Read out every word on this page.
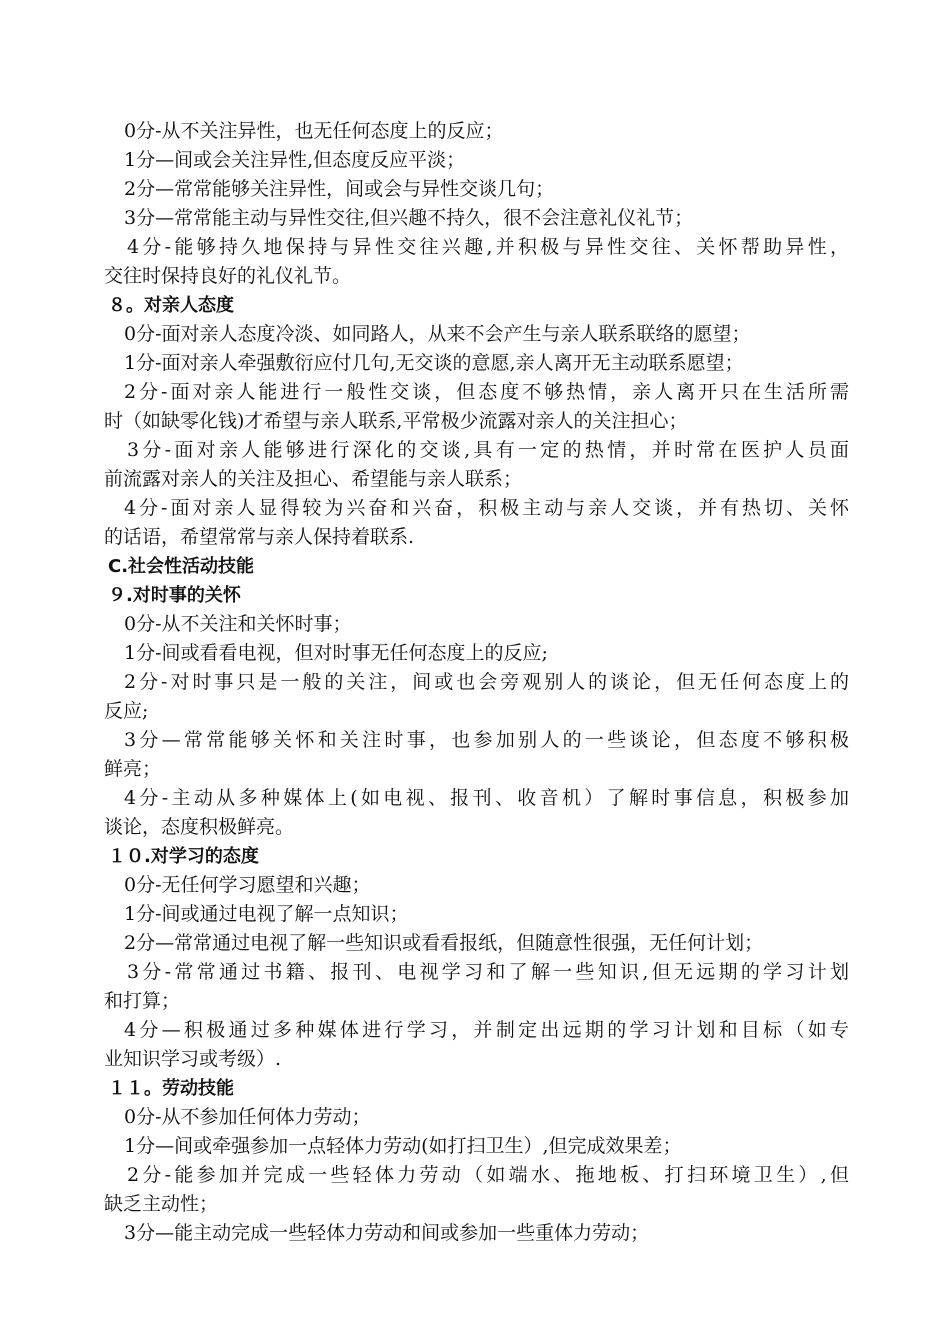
0分-从不关注异性，也无任何态度上的反应；
1分—间或会关注异性,但态度反应平淡；
2分—常常能够关注异性，间或会与异性交谈几句；
3分—常常能主动与异性交往,但兴趣不持久，很不会注意礼仪礼节；
4分-能够持久地保持与异性交往兴趣,并积极与异性交往、关怀帮助异性，
交往时保持良好的礼仪礼节。
８。对亲人态度
0分-面对亲人态度冷淡、如同路人，从来不会产生与亲人联系联络的愿望；
1分-面对亲人牵强敷衍应付几句,无交谈的意愿,亲人离开无主动联系愿望；
2分-面对亲人能进行一般性交谈，但态度不够热情，亲人离开只在生活所需
时（如缺零化钱)才希望与亲人联系,平常极少流露对亲人的关注担心；
3分-面对亲人能够进行深化的交谈,具有一定的热情，并时常在医护人员面
前流露对亲人的关注及担心、希望能与亲人联系；
4分-面对亲人显得较为兴奋和兴奋，积极主动与亲人交谈，并有热切、关怀
的话语，希望常常与亲人保持着联系.
C.社会性活动技能
９.对时事的关怀
0分-从不关注和关怀时事；
1分-间或看看电视，但对时事无任何态度上的反应;
2分-对时事只是一般的关注，间或也会旁观别人的谈论，但无任何态度上的
反应;
3分—常常能够关怀和关注时事，也参加别人的一些谈论，但态度不够积极
鲜亮；
4分-主动从多种媒体上(如电视、报刊、收音机）了解时事信息，积极参加
谈论，态度积极鲜亮。
１０.对学习的态度
0分-无任何学习愿望和兴趣；
1分-间或通过电视了解一点知识；
2分—常常通过电视了解一些知识或看看报纸，但随意性很强，无任何计划；
3分-常常通过书籍、报刊、电视学习和了解一些知识,但无远期的学习计划
和打算；
4分—积极通过多种媒体进行学习，并制定出远期的学习计划和目标（如专
业知识学习或考级）.
１１。劳动技能
0分-从不参加任何体力劳动；
1分—间或牵强参加一点轻体力劳动(如打扫卫生）,但完成效果差；
2分-能参加并完成一些轻体力劳动（如端水、拖地板、打扫环境卫生）,但
缺乏主动性；
3分—能主动完成一些轻体力劳动和间或参加一些重体力劳动；
